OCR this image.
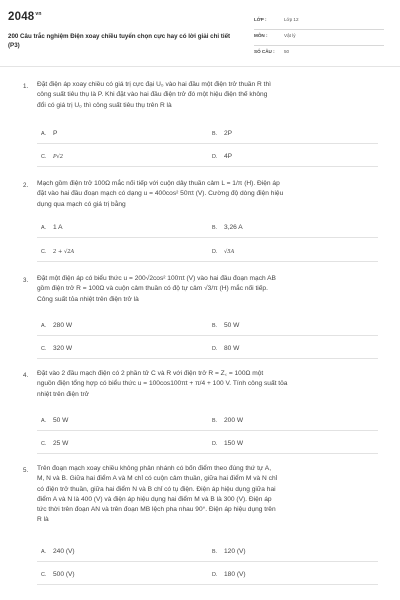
$2048^{vn}$
200 Câu trắc nghiệm Điện xoay chiều tuyển chọn cực hay có lời giải chi tiết (P3)
LỚP :	Lớp 12
MÔN :	Vật lý
SỐ CÂU : 50
1. Đặt điện áp xoay chiều có giá trị cực đại U₀ vào hai đầu một điện trở thuần R thì
công suất tiêu thụ là P. Khi đặt vào hai đầu điện trở đó một hiệu điện thế không
đổi có giá trị U₀ thì công suất tiêu thụ trên R là
A. P	B. 2P
C. P√2	D. 4P
2. Mạch gồm điện trở 100Ω mắc nối tiếp với cuộn dây thuần cảm L = 1/π (H). Điện áp
đặt vào hai đầu đoạn mạch có dạng u = 400cos² 50πt (V). Cường độ dòng điện hiệu
dụng qua mạch có giá trị bằng
A. 1 A	B. 3,26 A
C. 2 + √2A	D. √5A
3. Đặt một điện áp có biểu thức u = 200√2cos² 100πt (V) vào hai đầu đoạn mạch AB
gồm điện trở R = 100Ω và cuộn cảm thuần có độ tự cảm √3/π (H) mắc nối tiếp.
Công suất tỏa nhiệt trên điện trở là
A. 280 W	B. 50 W
C. 320 W	D. 80 W
4. Đặt vào 2 đầu mạch điện có 2 phần tử C và R với điện trở R = Z꜀ = 100Ω một
nguồn điện tổng hợp có biểu thức u = 100cos100πt + π/4 + 100 V. Tính công suất tỏa
nhiệt trên điện trở
A. 50 W	B. 200 W
C. 25 W	D. 150 W
5. Trên đoạn mạch xoay chiều không phân nhánh có bốn điểm theo đúng thứ tự A,
M, N và B. Giữa hai điểm A và M chỉ có cuộn cảm thuần, giữa hai điểm M và N chỉ
có điện trở thuần, giữa hai điểm N và B chỉ có tụ điện. Điện áp hiệu dụng giữa hai
điểm A và N là 400 (V) và điện áp hiệu dụng hai điểm M và B là 300 (V). Điện áp
tức thời trên đoạn AN và trên đoạn MB lệch pha nhau 90°. Điện áp hiệu dụng trên
R là
A. 240 (V)	B. 120 (V)
C. 500 (V)	D. 180 (V)
